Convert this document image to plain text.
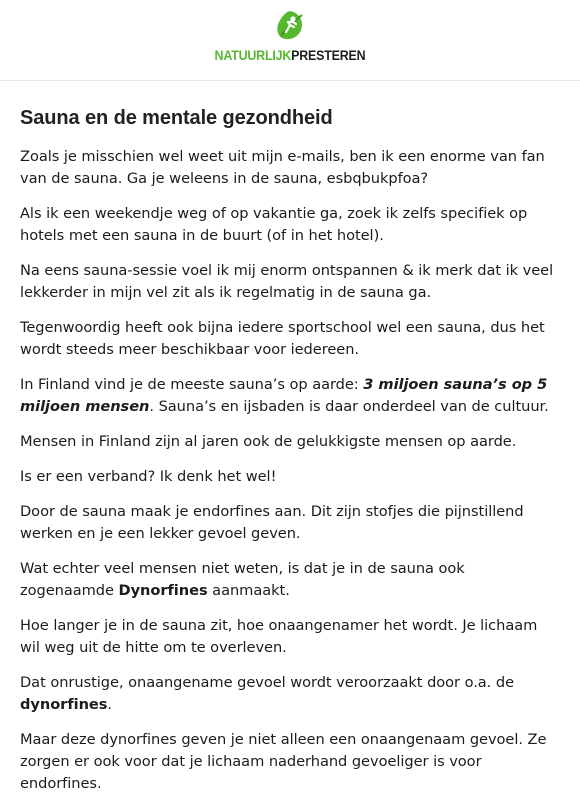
NATUURLIJKPRESTEREN
Sauna en de mentale gezondheid

Zoals je misschien wel weet uit mijn e-mails, ben ik een enorme van fan van de sauna. Ga je weleens in de sauna, esbqbukpfoa?

Als ik een weekendje weg of op vakantie ga, zoek ik zelfs specifiek op hotels met een sauna in de buurt (of in het hotel).

Na eens sauna-sessie voel ik mij enorm ontspannen & ik merk dat ik veel lekkerder in mijn vel zit als ik regelmatig in de sauna ga.

Tegenwoordig heeft ook bijna iedere sportschool wel een sauna, dus het wordt steeds meer beschikbaar voor iedereen.

In Finland vind je de meeste sauna’s op aarde: 3 miljoen sauna’s op 5 miljoen mensen. Sauna’s en ijsbaden is daar onderdeel van de cultuur.

Mensen in Finland zijn al jaren ook de gelukkigste mensen op aarde.

Is er een verband? Ik denk het wel!

Door de sauna maak je endorfines aan. Dit zijn stofjes die pijnstillend werken en je een lekker gevoel geven.

Wat echter veel mensen niet weten, is dat je in de sauna ook zogenaamde Dynorfines aanmaakt.

Hoe langer je in de sauna zit, hoe onaangenamer het wordt. Je lichaam wil weg uit de hitte om te overleven.

Dat onrustige, onaangename gevoel wordt veroorzaakt door o.a. de dynorfines.

Maar deze dynorfines geven je niet alleen een onaangenaam gevoel. Ze zorgen er ook voor dat je lichaam naderhand gevoeliger is voor endorfines.
